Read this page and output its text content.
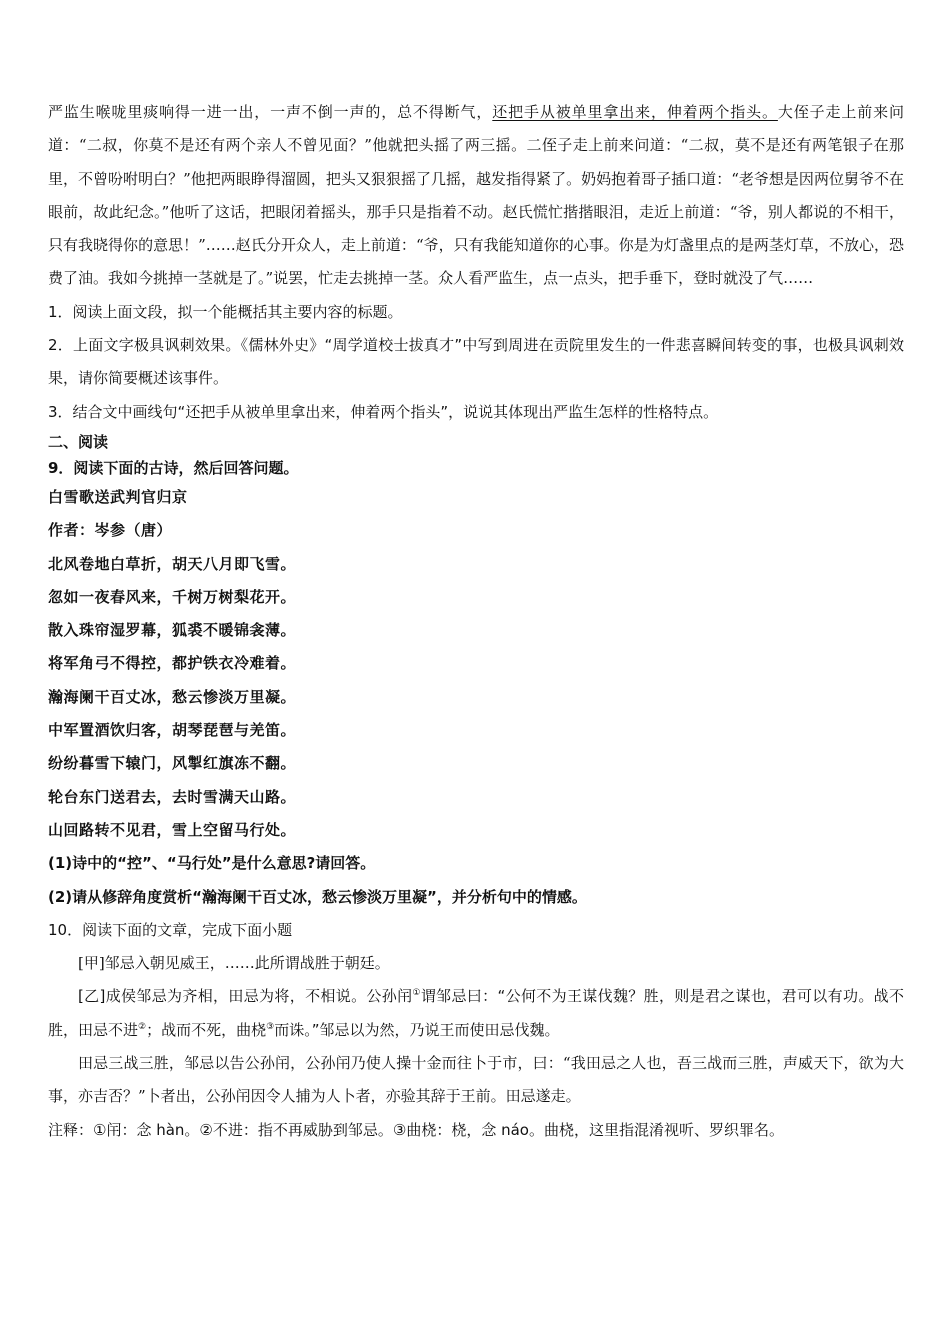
严监生喉咙里痰响得一进一出，一声不倒一声的，总不得断气，还把手从被单里拿出来，伸着两个指头。大侄子走上前来问道：“二叔，你莫不是还有两个亲人不曾见面？”他就把头摇了两三摇。二侄子走上前来问道：“二叔，莫不是还有两笔银子在那里，不曾吩咐明白？”他把两眼睁得溜圆，把头又狠狠摇了几摇，越发指得紧了。奶妈抱着哥子插口道：“老爷想是因两位舅爷不在眼前，故此纪念。”他听了这话，把眼闭着摇头，那手只是指着不动。赵氏慌忙揩揩眼泪，走近上前道：“爷，别人都说的不相干，只有我晓得你的意思！”……赵氏分开众人，走上前道：“爷，只有我能知道你的心事。你是为灯盏里点的是两茎灯草，不放心，恐费了油。我如今挑掉一茎就是了。”说罢，忙走去挑掉一茎。众人看严监生，点一点头，把手垂下，登时就没了气……

1．阅读上面文段，拟一个能概括其主要内容的标题。

2．上面文字极具讽刺效果。《儒林外史》“周学道校士拔真才”中写到周进在贡院里发生的一件悲喜瞬间转变的事，也极具讽刺效果，请你简要概述该事件。

3．结合文中画线句“还把手从被单里拿出来，伸着两个指头”，说说其体现出严监生怎样的性格特点。

二、阅读

9．阅读下面的古诗，然后回答问题。

白雪歌送武判官归京

作者：岑参（唐）

北风卷地白草折，胡天八月即飞雪。

忽如一夜春风来，千树万树梨花开。

散入珠帘湿罗幕，狐裘不暖锦衾薄。

将军角弓不得控，都护铁衣冷难着。

瀚海阑干百丈冰，愁云惨淡万里凝。

中军置酒饮归客，胡琴琵琶与羌笛。

纷纷暮雪下辕门，风掣红旗冻不翻。

轮台东门送君去，去时雪满天山路。

山回路转不见君，雪上空留马行处。

(1)诗中的“控”、“马行处”是什么意思?请回答。

(2)请从修辞角度赏析“瀚海阑干百丈冰，愁云惨淡万里凝”，并分析句中的情感。

10．阅读下面的文章，完成下面小题

[甲]邹忌入朝见威王，……此所谓战胜于朝廷。

[乙]成侯邹忌为齐相，田忌为将，不相说。公孙闬①谓邹忌曰：“公何不为王谋伐魏？胜，则是君之谋也，君可以有功。战不胜，田忌不进②；战而不死，曲桡③而诛。”邹忌以为然，乃说王而使田忌伐魏。

田忌三战三胜，邹忌以告公孙闬，公孙闬乃使人操十金而往卜于市，曰：“我田忌之人也，吾三战而三胜，声威天下，欲为大事，亦吉否？”卜者出，公孙闬因令人捕为人卜者，亦验其辞于王前。田忌遂走。

注释：①闬：念 hàn。②不进：指不再威胁到邹忌。③曲桡：桡，念 náo。曲桡，这里指混淆视听、罗织罪名。
